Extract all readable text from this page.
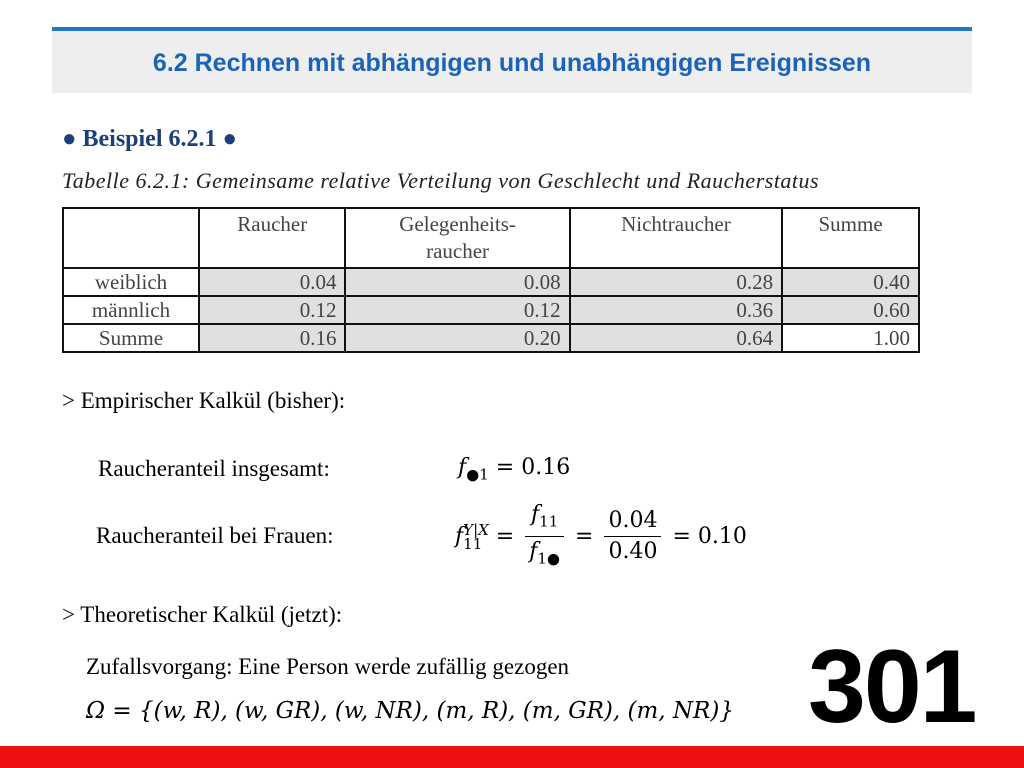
6.2 Rechnen mit abhängigen und unabhängigen Ereignissen
● Beispiel 6.2.1 ●
Tabelle 6.2.1: Gemeinsame relative Verteilung von Geschlecht und Raucherstatus
	Raucher	Gelegenheits-
raucher	Nichtraucher	Summe
weiblich	0.04	0.08	0.28	0.40
männlich	0.12	0.12	0.36	0.60
Summe	0.16	0.20	0.64	1.00
> Empirischer Kalkül (bisher):
Raucheranteil insgesamt:	$f_{●1} = 0.16$
Raucheranteil bei Frauen:	fY|X
$11 = \frac{f_{11}}{f_{1●}} = \frac{0.04}{0.40} = 0.10$
> Theoretischer Kalkül (jetzt):
Zufallsvorgang: Eine Person werde zufällig gezogen
Ω = {(w, R), (w, GR), (w, NR), (m, R), (m, GR), (m, NR)} 301
